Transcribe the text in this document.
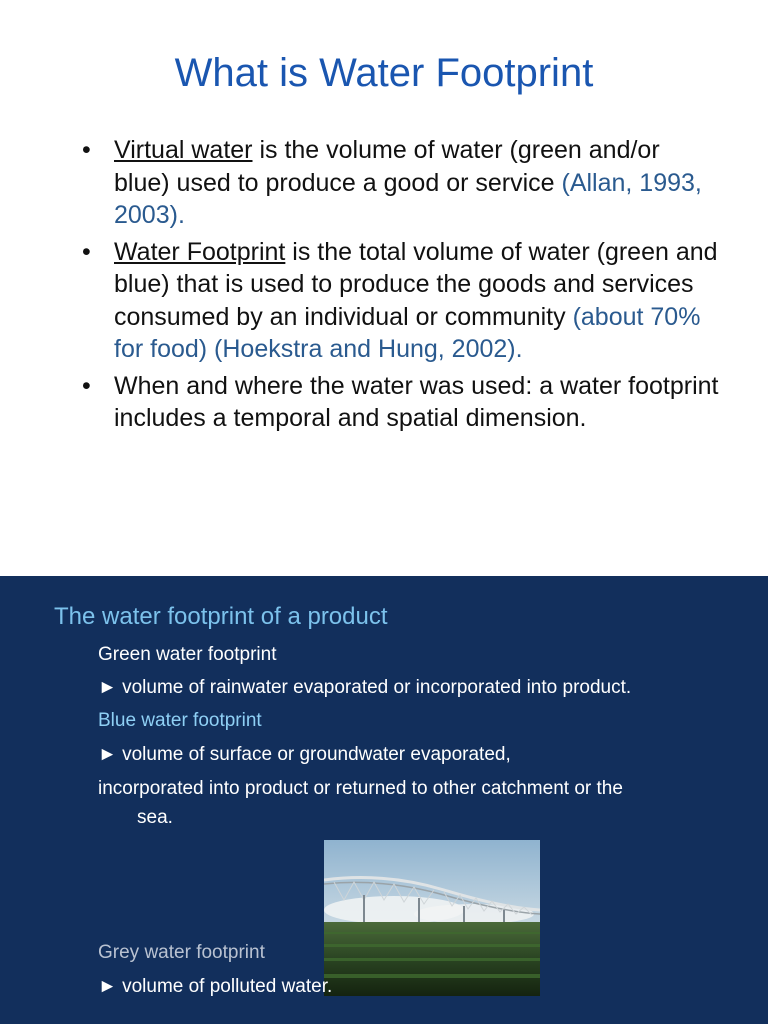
What is Water Footprint
• Virtual water is the volume of water (green and/or blue) used to produce a good or service (Allan, 1993, 2003).
• Water Footprint is the total volume of water (green and blue) that is used to produce the goods and services consumed by an individual or community (about 70% for food) (Hoekstra and Hung, 2002).
• When and where the water was used: a water footprint includes a temporal and spatial dimension.
The water footprint of a product
Green water footprint
► volume of rainwater evaporated or incorporated into product.
Blue water footprint
► volume of surface or groundwater evaporated,
incorporated into product or returned to other catchment or the
sea.
Grey water footprint
► volume of polluted water.
